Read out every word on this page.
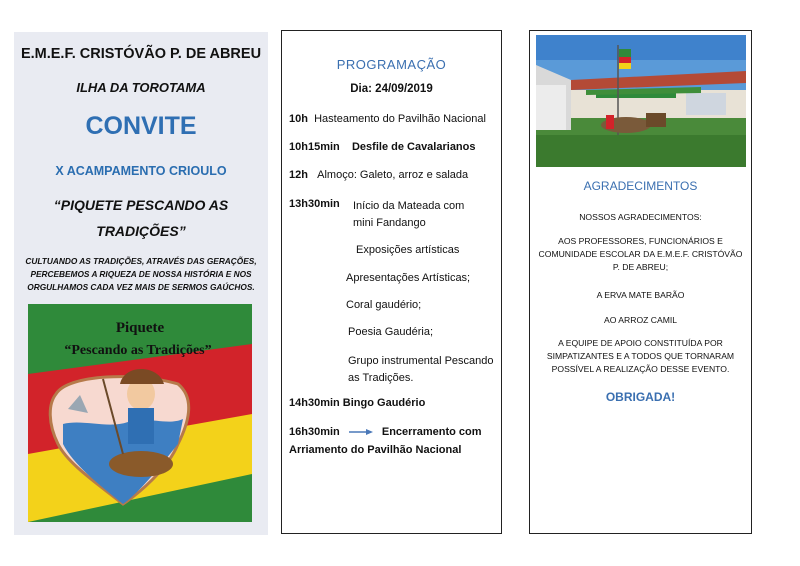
E.M.E.F. CRISTÓVÃO P. DE ABREU
ILHA DA TOROTAMA
CONVITE
X ACAMPAMENTO CRIOULO
“PIQUETE PESCANDO AS
TRADIÇÕES”
CULTUANDO AS TRADIÇÕES, ATRAVÉS DAS GERAÇÕES,
PERCEBEMOS A RIQUEZA DE NOSSA HISTÓRIA E NOS
ORGULHAMOS CADA VEZ MAIS DE SERMOS GAÚCHOS.
Piquete
“Pescando as Tradições”
PROGRAMAÇÃO
Dia: 24/09/2019
10h Hasteamento do Pavilhão Nacional
10h15min Desfile de Cavalarianos
12h Almoço: Galeto, arroz e salada
13h30min Início da Mateada com mini Fandango
Exposições artísticas
Apresentações Artísticas;
Coral gaudério;
Poesia Gaudéria;
Grupo instrumental Pescando as Tradições.
14h30min Bingo Gaudério
16h30min	Encerramento com
Arriamento do Pavilhão Nacional
AGRADECIMENTOS
NOSSOS AGRADECIMENTOS:
AOS PROFESSORES, FUNCIONÁRIOS E COMUNIDADE ESCOLAR DA E.M.E.F. CRISTÓVÃO P. DE ABREU;
A ERVA MATE BARÃO
AO ARROZ CAMIL
A EQUIPE DE APOIO CONSTITUÍDA POR SIMPATIZANTES E A TODOS QUE TORNARAM POSSÍVEL A REALIZAÇÃO DESSE EVENTO.
OBRIGADA!
